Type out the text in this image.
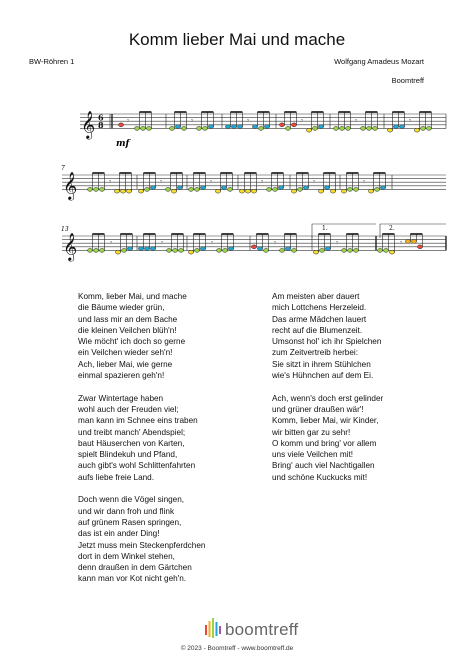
Komm lieber Mai und mache
BW-Röhren 1	Wolfgang Amadeus Mozart
Boomtreff
𝄞
𝄞
𝄞
6
8	𝄾	𝄾	𝄾	𝄾	𝄾	𝄾
𝄾	𝄾	𝄾	𝄾	𝄾	𝄾
𝄾	𝄾	𝄾	𝄾	𝄾	𝄾
mf
7
13	1.	2.
Komm, lieber Mai, und mache
die Bäume wieder grün,
und lass mir an dem Bache
die kleinen Veilchen blüh'n!
Wie möcht' ich doch so gerne
ein Veilchen wieder seh'n!
Ach, lieber Mai, wie gerne
einmal spazieren geh'n!
Zwar Wintertage haben
wohl auch der Freuden viel;
man kann im Schnee eins traben
und treibt manch' Abendspiel;
baut Häuserchen von Karten,
spielt Blindekuh und Pfand,
auch gibt's wohl Schlittenfahrten
aufs liebe freie Land.
Doch wenn die Vögel singen,
und wir dann froh und flink
auf grünem Rasen springen,
das ist ein ander Ding!
Jetzt muss mein Steckenpferdchen
dort in dem Winkel stehen,
denn draußen in dem Gärtchen
kann man vor Kot nicht geh'n.
Am meisten aber dauert
mich Lottchens Herzeleid.
Das arme Mädchen lauert
recht auf die Blumenzeit.
Umsonst hol' ich ihr Spielchen
zum Zeitvertreib herbei:
Sie sitzt in ihrem Stühlchen
wie's Hühnchen auf dem Ei.
Ach, wenn's doch erst gelinder
und grüner draußen wär'!
Komm, lieber Mai, wir Kinder,
wir bitten gar zu sehr!
O komm und bring' vor allem
uns viele Veilchen mit!
Bring' auch viel Nachtigallen
und schöne Kuckucks mit!
boomtreff
© 2023 - Boomtreff - www.boomtreff.de
